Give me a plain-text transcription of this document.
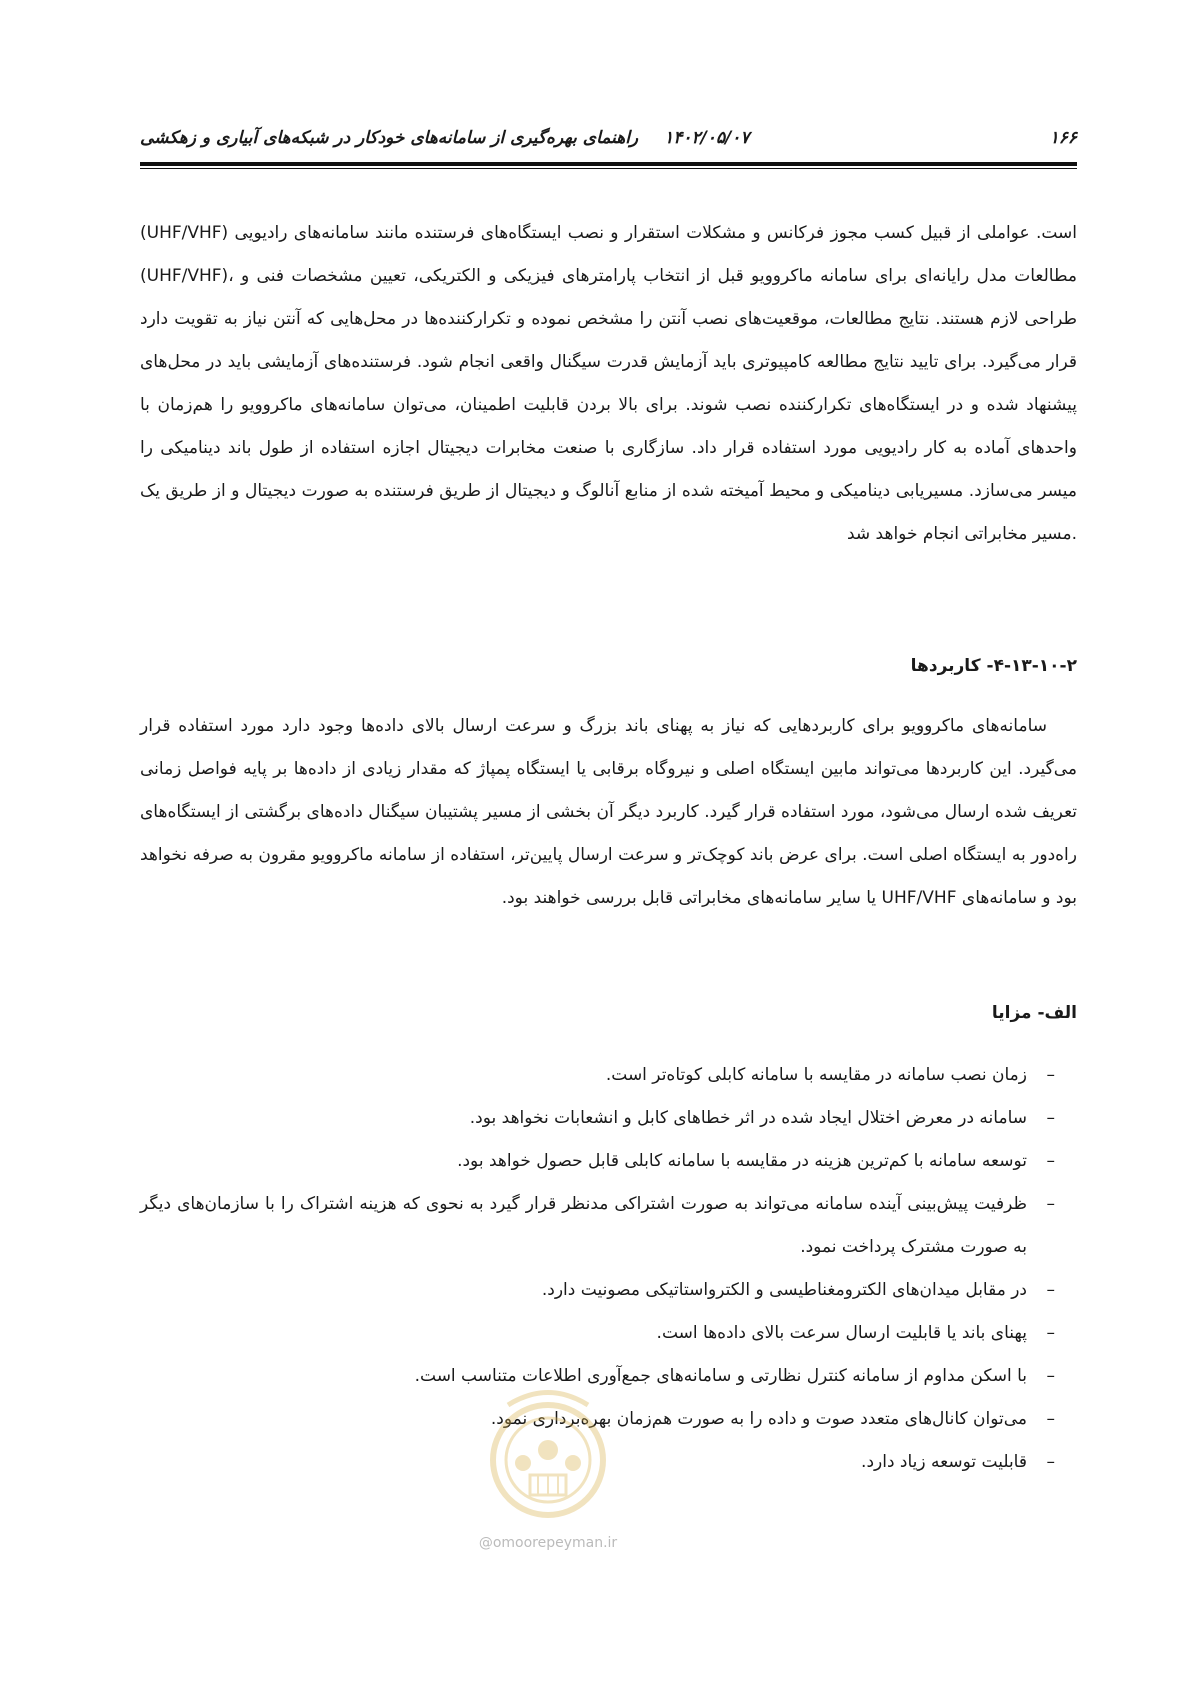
۱۶۶
۱۴۰۲/۰۵/۰۷ راهنمای بهره‌گیری از سامانه‌های خودکار در شبکه‌های آبیاری و زهکشی
(UHF/VHF) است. عواملی از قبیل کسب مجوز فرکانس و مشکلات استقرار و نصب ایستگاه‌های فرستنده مانند سامانه‌های رادیویی (UHF/VHF)، مطالعات مدل رایانه‌ای برای سامانه ماکروویو قبل از انتخاب پارامترهای فیزیکی و الکتریکی، تعیین مشخصات فنی و طراحی لازم هستند. نتایج مطالعات، موقعیت‌های نصب آنتن را مشخص نموده و تکرارکننده‌ها در محل‌هایی که آنتن نیاز به تقویت دارد قرار می‌گیرد. برای تایید نتایج مطالعه کامپیوتری باید آزمایش قدرت سیگنال واقعی انجام شود. فرستنده‌های آزمایشی باید در محل‌های پیشنهاد شده و در ایستگاه‌های تکرارکننده نصب شوند. برای بالا بردن قابلیت اطمینان، می‌توان سامانه‌های ماکروویو را هم‌زمان با واحدهای آماده به کار رادیویی مورد استفاده قرار داد. سازگاری با صنعت مخابرات دیجیتال اجازه استفاده از طول باند دینامیکی را میسر می‌سازد. مسیریابی دینامیکی و محیط آمیخته شده از منابع آنالوگ و دیجیتال از طریق فرستنده به صورت دیجیتال و از طریق یک مسیر مخابراتی انجام خواهد شد.
۴-۱۳-۱۰-۲- کاربردها
سامانه‌های ماکروویو برای کاربردهایی که نیاز به پهنای باند بزرگ و سرعت ارسال بالای داده‌ها وجود دارد مورد استفاده قرار می‌گیرد. این کاربردها می‌تواند مابین ایستگاه اصلی و نیروگاه برقابی یا ایستگاه پمپاژ که مقدار زیادی از داده‌ها بر پایه فواصل زمانی تعریف شده ارسال می‌شود، مورد استفاده قرار گیرد. کاربرد دیگر آن بخشی از مسیر پشتیبان سیگنال داده‌های برگشتی از ایستگاه‌های راه‌دور به ایستگاه اصلی است. برای عرض باند کوچک‌تر و سرعت ارسال پایین‌تر، استفاده از سامانه ماکروویو مقرون به صرفه نخواهد بود و سامانه‌های UHF/VHF یا سایر سامانه‌های مخابراتی قابل بررسی خواهند بود.
الف- مزایا
–
زمان نصب سامانه در مقایسه با سامانه کابلی کوتاه‌تر است.
–
سامانه در معرض اختلال ایجاد شده در اثر خطاهای کابل و انشعابات نخواهد بود.
–
توسعه سامانه با کم‌ترین هزینه در مقایسه با سامانه کابلی قابل حصول خواهد بود.
–
ظرفیت پیش‌بینی آینده سامانه می‌تواند به صورت اشتراکی مدنظر قرار گیرد به نحوی که هزینه اشتراک را با سازمان‌های دیگر به صورت مشترک پرداخت نمود.
–
در مقابل میدان‌های الکترومغناطیسی و الکترواستاتیکی مصونیت دارد.
–
پهنای باند یا قابلیت ارسال سرعت بالای داده‌ها است.
–
با اسکن مداوم از سامانه کنترل نظارتی و سامانه‌های جمع‌آوری اطلاعات متناسب است.
–
می‌توان کانال‌های متعدد صوت و داده را به صورت هم‌زمان بهره‌برداری نمود.
–
قابلیت توسعه زیاد دارد.
@omoorepeyman.ir
